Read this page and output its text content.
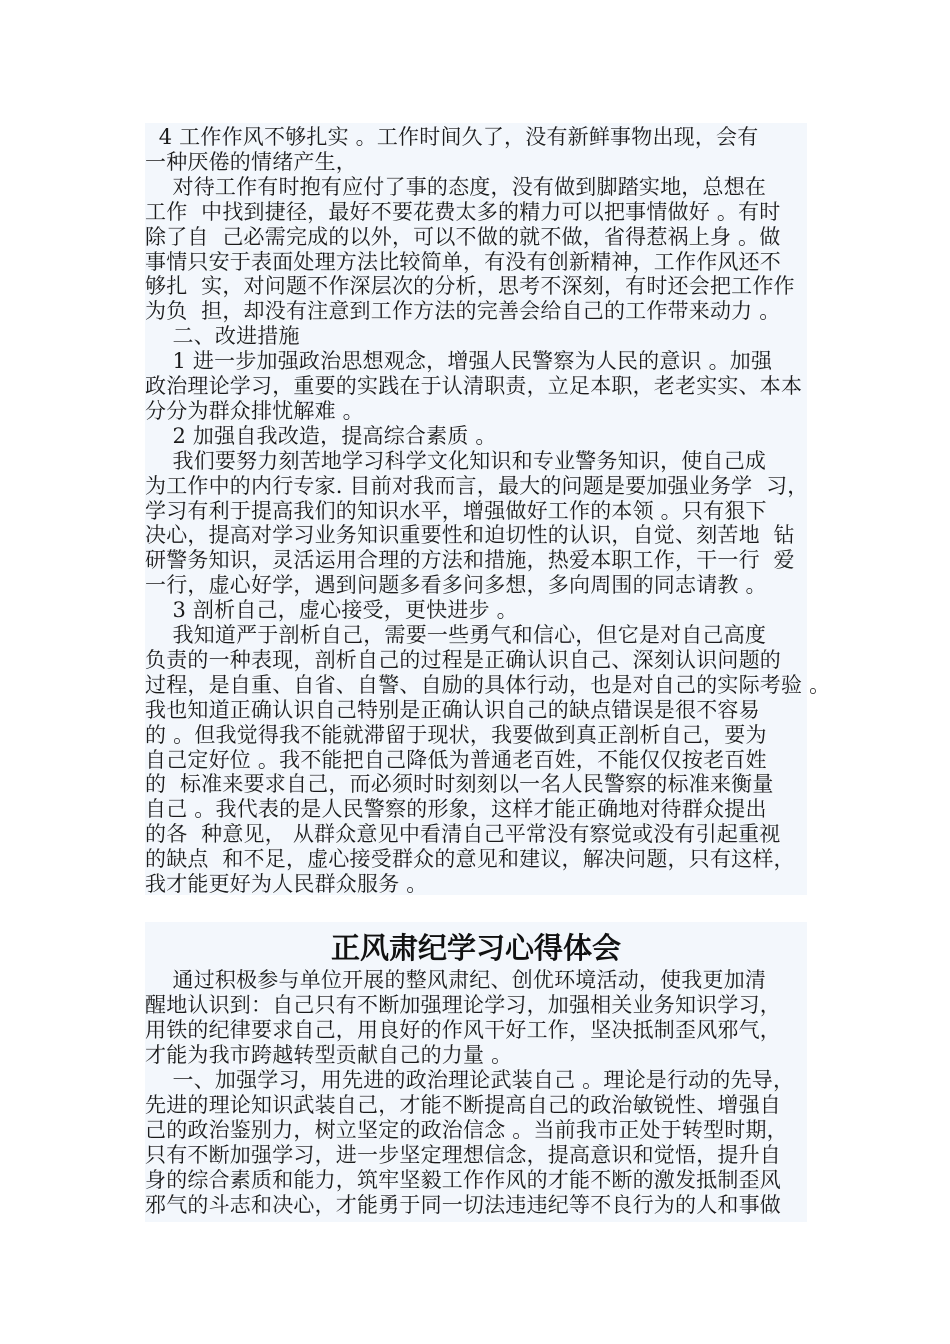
4 工作作风不够扎实 。工作时间久了，没有新鲜事物出现，会有
一种厌倦的情绪产生，
对待工作有时抱有应付了事的态度，没有做到脚踏实地，总想在
工作  中找到捷径，最好不要花费太多的精力可以把事情做好 。有时
除了自  己必需完成的以外，可以不做的就不做，省得惹祸上身 。做
事情只安于表面处理方法比较简单，有没有创新精神，工作作风还不
够扎  实，对问题不作深层次的分析，思考不深刻，有时还会把工作作
为负  担，却没有注意到工作方法的完善会给自己的工作带来动力 。
二、改进措施
1 进一步加强政治思想观念，增强人民警察为人民的意识 。加强
政治理论学习，重要的实践在于认清职责，立足本职，老老实实、本本
分分为群众排忧解难 。
2 加强自我改造，提高综合素质 。
我们要努力刻苦地学习科学文化知识和专业警务知识，使自己成
为工作中的内行专家. 目前对我而言，最大的问题是要加强业务学  习，
学习有利于提高我们的知识水平，增强做好工作的本领 。只有狠下
决心，提高对学习业务知识重要性和迫切性的认识，自觉、刻苦地  钻
研警务知识，灵活运用合理的方法和措施，热爱本职工作，干一行  爱
一行，虚心好学，遇到问题多看多问多想，多向周围的同志请教 。
3 剖析自己，虚心接受，更快进步 。
我知道严于剖析自己，需要一些勇气和信心，但它是对自己高度
负责的一种表现，剖析自己的过程是正确认识自己、深刻认识问题的
过程，是自重、自省、自警、自励的具体行动，也是对自己的实际考验 。
我也知道正确认识自己特别是正确认识自己的缺点错误是很不容易
的 。但我觉得我不能就滞留于现状，我要做到真正剖析自己，要为
自己定好位 。我不能把自己降低为普通老百姓，不能仅仅按老百姓
的  标准来要求自己，而必须时时刻刻以一名人民警察的标准来衡量
自己 。我代表的是人民警察的形象，这样才能正确地对待群众提出
的各  种意见， 从群众意见中看清自己平常没有察觉或没有引起重视
的缺点  和不足，虚心接受群众的意见和建议，解决问题，只有这样，
我才能更好为人民群众服务 。
正风肃纪学习心得体会
通过积极参与单位开展的整风肃纪、创优环境活动，使我更加清
醒地认识到：自己只有不断加强理论学习，加强相关业务知识学习，
用铁的纪律要求自己，用良好的作风干好工作，坚决抵制歪风邪气，
才能为我市跨越转型贡献自己的力量 。
一、加强学习，用先进的政治理论武装自己 。理论是行动的先导，
先进的理论知识武装自己，才能不断提高自己的政治敏锐性、增强自
己的政治鉴别力，树立坚定的政治信念 。当前我市正处于转型时期，
只有不断加强学习，进一步坚定理想信念，提高意识和觉悟，提升自
身的综合素质和能力，筑牢坚毅工作作风的才能不断的激发抵制歪风
邪气的斗志和决心，才能勇于同一切法违违纪等不良行为的人和事做
